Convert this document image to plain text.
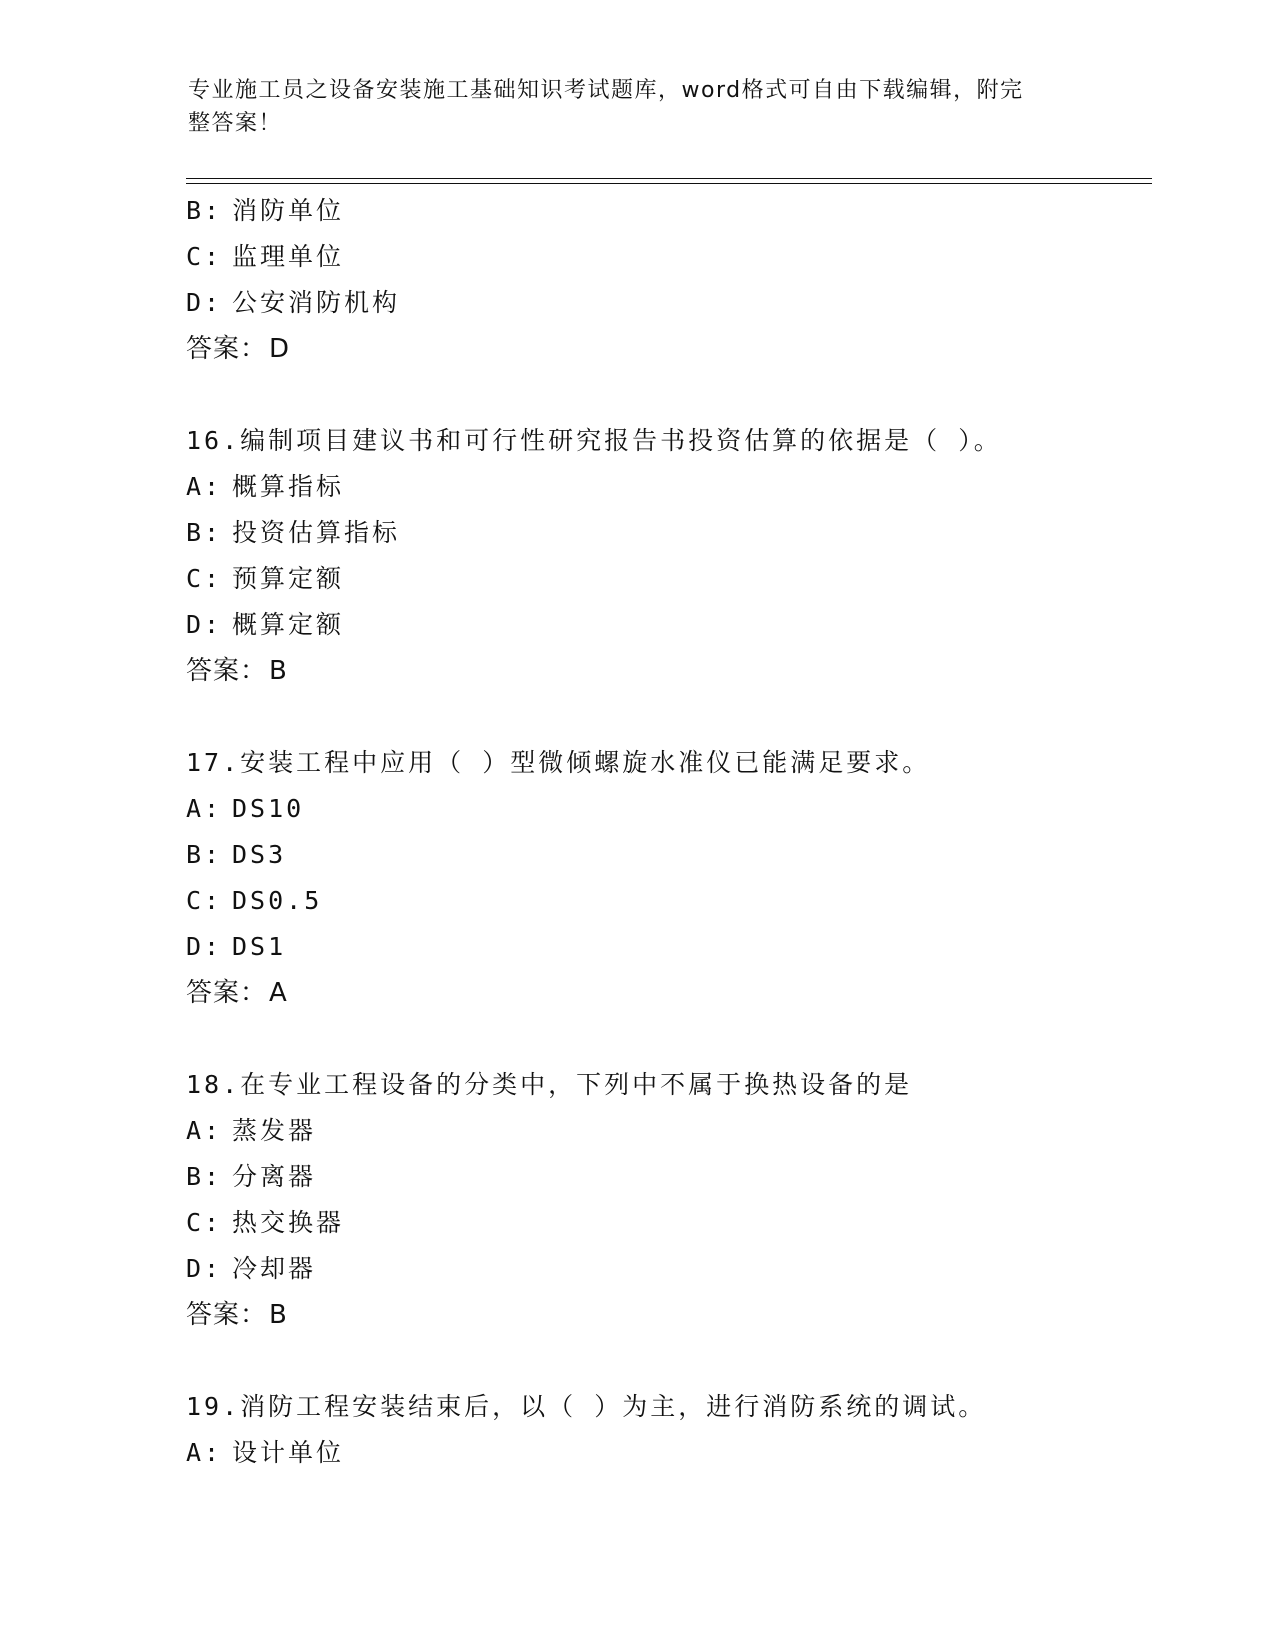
专业施工员之设备安装施工基础知识考试题库，word格式可自由下载编辑，附完
整答案！
B: 消防单位
C: 监理单位
D: 公安消防机构
答案：D
16.编制项目建议书和可行性研究报告书投资估算的依据是（ ）。
A: 概算指标
B: 投资估算指标
C: 预算定额
D: 概算定额
答案：B
17.安装工程中应用（ ）型微倾螺旋水准仪已能满足要求。
A: DS10
B: DS3
C: DS0.5
D: DS1
答案：A
18.在专业工程设备的分类中，下列中不属于换热设备的是
A: 蒸发器
B: 分离器
C: 热交换器
D: 冷却器
答案：B
19.消防工程安装结束后，以（ ）为主，进行消防系统的调试。
A: 设计单位
